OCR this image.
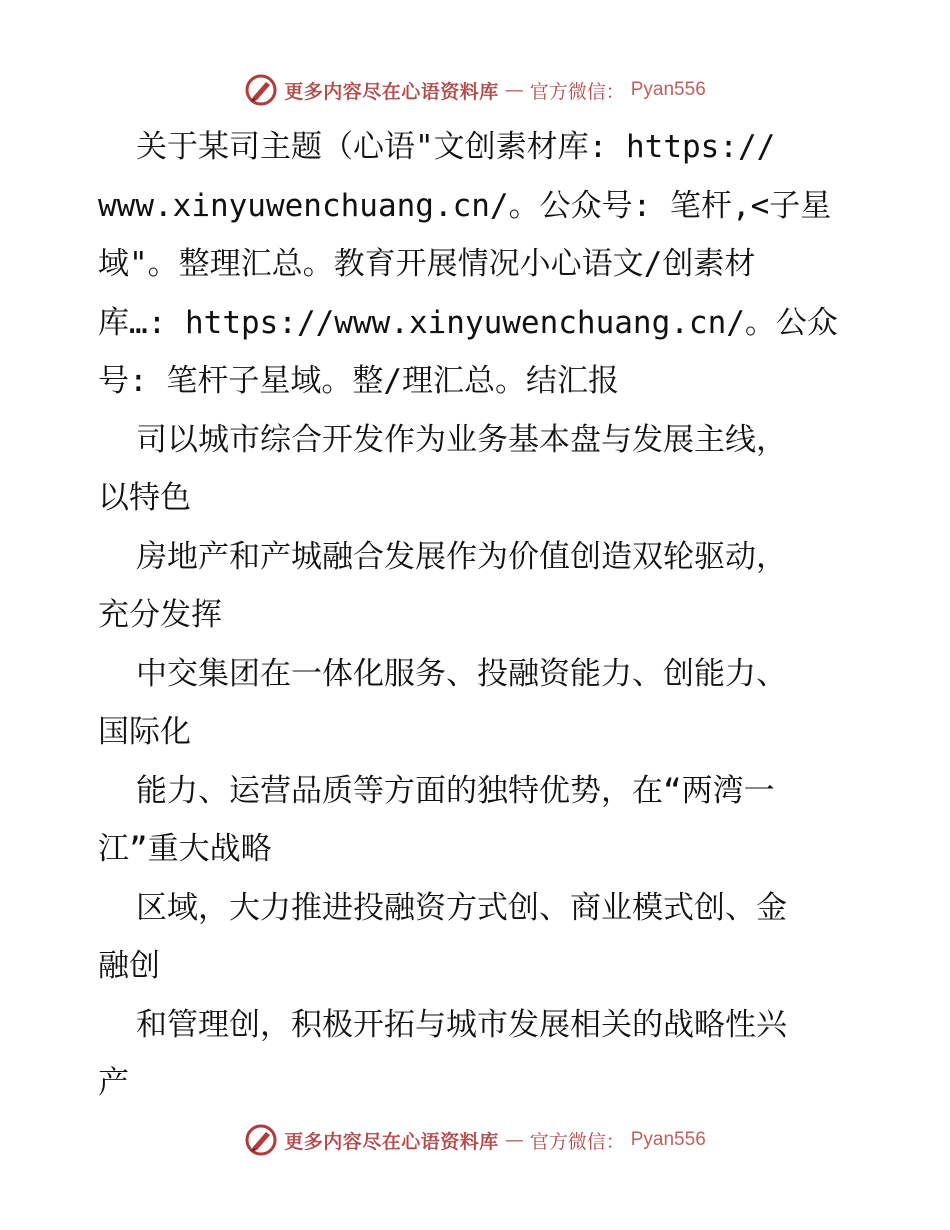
更多内容尽在心语资料库 — 官方微信： Pyan556

关于某司主题（心语"文创素材库: https://
www.xinyuwenchuang.cn/。公众号: 笔杆,<子星
域"。整理汇总。教育开展情况小心语文/创素材
库…: https://www.xinyuwenchuang.cn/。公众
号: 笔杆子星域。整/理汇总。结汇报

司以城市综合开发作为业务基本盘与发展主线，
以特色

房地产和产城融合发展作为价值创造双轮驱动，
充分发挥

中交集团在一体化服务、投融资能力、创能力、
国际化

能力、运营品质等方面的独特优势，在“两湾一
江”重大战略

区域，大力推进投融资方式创、商业模式创、金
融创

和管理创，积极开拓与城市发展相关的战略性兴
产

更多内容尽在心语资料库 — 官方微信： Pyan556
